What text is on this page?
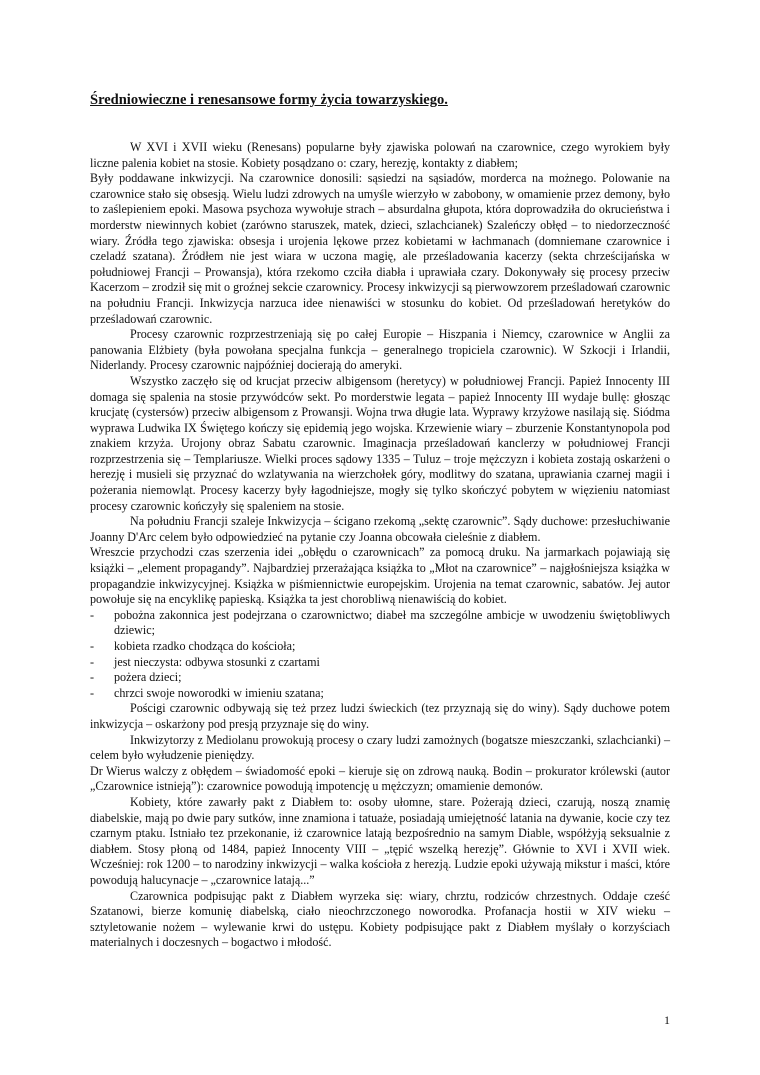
Średniowieczne i renesansowe formy życia towarzyskiego.

W XVI i XVII wieku (Renesans) popularne były zjawiska polowań na czarownice, czego wyrokiem były liczne palenia kobiet na stosie. Kobiety posądzano o: czary, herezję, kontakty z diabłem;

Były poddawane inkwizycji. Na czarownice donosili: sąsiedzi na sąsiadów, morderca na możnego. Polowanie na czarownice stało się obsesją. Wielu ludzi zdrowych na umyśle wierzyło w zabobony, w omamienie przez demony, było to zaślepieniem epoki. Masowa psychoza wywołuje strach – absurdalna głupota, która doprowadziła do okrucieństwa i morderstw niewinnych kobiet (zarówno staruszek, matek, dzieci, szlachcianek) Szaleńczy obłęd – to niedorzeczność wiary. Źródła tego zjawiska: obsesja i urojenia lękowe przez kobietami w łachmanach (domniemane czarownice i czeladź szatana). Źródłem nie jest wiara w uczona magię, ale prześladowania kacerzy (sekta chrześcijańska w południowej Francji – Prowansja), która rzekomo czciła diabła i uprawiała czary. Dokonywały się procesy przeciw Kacerzom – zrodził się mit o groźnej sekcie czarownicy. Procesy inkwizycji są pierwowzorem prześladowań czarownic na południu Francji. Inkwizycja narzuca idee nienawiści w stosunku do kobiet. Od prześladowań heretyków do prześladowań czarownic.

Procesy czarownic rozprzestrzeniają się po całej Europie – Hiszpania i Niemcy, czarownice w Anglii za panowania Elżbiety (była powołana specjalna funkcja – generalnego tropiciela czarownic). W Szkocji i Irlandii, Niderlandy. Procesy czarownic najpóźniej docierają do ameryki.

Wszystko zaczęło się od krucjat przeciw albigensom (heretycy) w południowej Francji. Papież Innocenty III domaga się spalenia na stosie przywódców sekt. Po morderstwie legata – papież Innocenty III wydaje bullę: głosząc krucjatę (cystersów) przeciw albigensom z Prowansji. Wojna trwa długie lata. Wyprawy krzyżowe nasilają się. Siódma wyprawa Ludwika IX Świętego kończy się epidemią jego wojska. Krzewienie wiary – zburzenie Konstantynopola pod znakiem krzyża. Urojony obraz Sabatu czarownic. Imaginacja prześladowań kanclerzy w południowej Francji rozprzestrzenia się – Templariusze. Wielki proces sądowy 1335 – Tuluz – troje mężczyzn i kobieta zostają oskarżeni o herezję i musieli się przyznać do wzlatywania na wierzchołek góry, modlitwy do szatana, uprawiania czarnej magii i pożerania niemowląt. Procesy kacerzy były łagodniejsze, mogły się tylko skończyć pobytem w więzieniu natomiast procesy czarownic kończyły się spaleniem na stosie.

Na południu Francji szaleje Inkwizycja – ścigano rzekomą „sektę czarownic”. Sądy duchowe: przesłuchiwanie Joanny D'Arc celem było odpowiedzieć na pytanie czy Joanna obcowała cieleśnie z diabłem.

Wreszcie przychodzi czas szerzenia idei „obłędu o czarownicach” za pomocą druku. Na jarmarkach pojawiają się książki – „element propagandy”. Najbardziej przerażająca książka to „Młot na czarownice” – najgłośniejsza książka w propagandzie inkwizycyjnej. Książka w piśmiennictwie europejskim. Urojenia na temat czarownic, sabatów. Jej autor powołuje się na encyklikę papieską. Książka ta jest chorobliwą nienawiścią do kobiet.

- pobożna zakonnica jest podejrzana o czarownictwo; diabeł ma szczególne ambicje w uwodzeniu świętobliwych dziewic;
- kobieta rzadko chodząca do kościoła;
- jest nieczysta: odbywa stosunki z czartami
- pożera dzieci;
- chrzci swoje noworodki w imieniu szatana;

Pościgi czarownic odbywają się też przez ludzi świeckich (tez przyznają się do winy). Sądy duchowe potem inkwizycja – oskarżony pod presją przyznaje się do winy.

Inkwizytorzy z Mediolanu prowokują procesy o czary ludzi zamożnych (bogatsze mieszczanki, szlachcianki) – celem było wyłudzenie pieniędzy.

Dr Wierus walczy z obłędem – świadomość epoki – kieruje się on zdrową nauką. Bodin – prokurator królewski (autor „Czarownice istnieją”): czarownice powodują impotencję u mężczyzn; omamienie demonów.

Kobiety, które zawarły pakt z Diabłem to: osoby ułomne, stare. Pożerają dzieci, czarują, noszą znamię diabelskie, mają po dwie pary sutków, inne znamiona i tatuaże, posiadają umiejętność latania na dywanie, kocie czy tez czarnym ptaku. Istniało tez przekonanie, iż czarownice latają bezpośrednio na samym Diable, współżyją seksualnie z diabłem. Stosy płoną od 1484, papież Innocenty VIII – „tępić wszelką herezję”. Głównie to XVI i XVII wiek. Wcześniej: rok 1200 – to narodziny inkwizycji – walka kościoła z herezją. Ludzie epoki używają mikstur i maści, które powodują halucynacje – „czarownice latają...”

Czarownica podpisując pakt z Diabłem wyrzeka się: wiary, chrztu, rodziców chrzestnych. Oddaje cześć Szatanowi, bierze komunię diabelską, ciało nieochrzczonego noworodka. Profanacja hostii w XIV wieku – sztyletowanie nożem – wylewanie krwi do ustępu. Kobiety podpisujące pakt z Diabłem myślały o korzyściach materialnych i doczesnych – bogactwo i młodość.

1
